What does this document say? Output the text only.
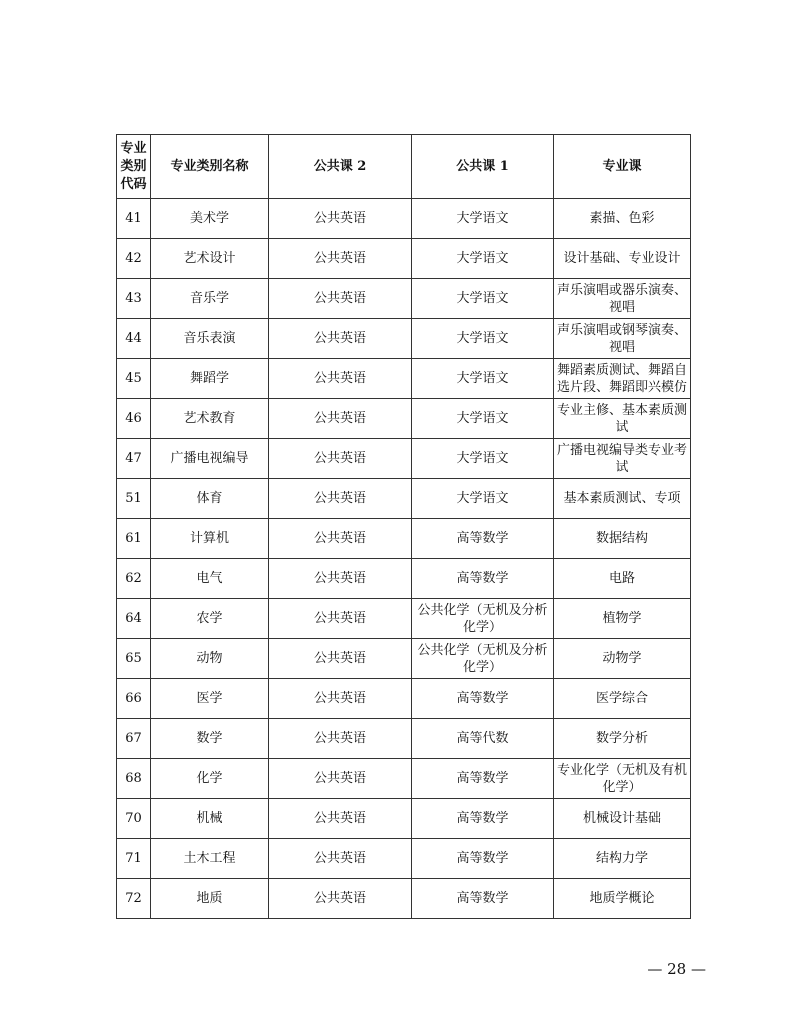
专业
类别
代码	专业类别名称	公共课 2	公共课 1	专业课
41	美术学	公共英语	大学语文	素描、色彩
42	艺术设计	公共英语	大学语文	设计基础、专业设计
43	音乐学	公共英语	大学语文	声乐演唱或器乐演奏、视唱
44	音乐表演	公共英语	大学语文	声乐演唱或钢琴演奏、视唱
45	舞蹈学	公共英语	大学语文	舞蹈素质测试、舞蹈自选片段、舞蹈即兴模仿
46	艺术教育	公共英语	大学语文	专业主修、基本素质测试
47	广播电视编导	公共英语	大学语文	广播电视编导类专业考试
51	体育	公共英语	大学语文	基本素质测试、专项
61	计算机	公共英语	高等数学	数据结构
62	电气	公共英语	高等数学	电路
64	农学	公共英语	公共化学（无机及分析化学）	植物学
65	动物	公共英语	公共化学（无机及分析化学）	动物学
66	医学	公共英语	高等数学	医学综合
67	数学	公共英语	高等代数	数学分析
68	化学	公共英语	高等数学	专业化学（无机及有机化学）
70	机械	公共英语	高等数学	机械设计基础
71	土木工程	公共英语	高等数学	结构力学
72	地质	公共英语	高等数学	地质学概论
— 28 —
